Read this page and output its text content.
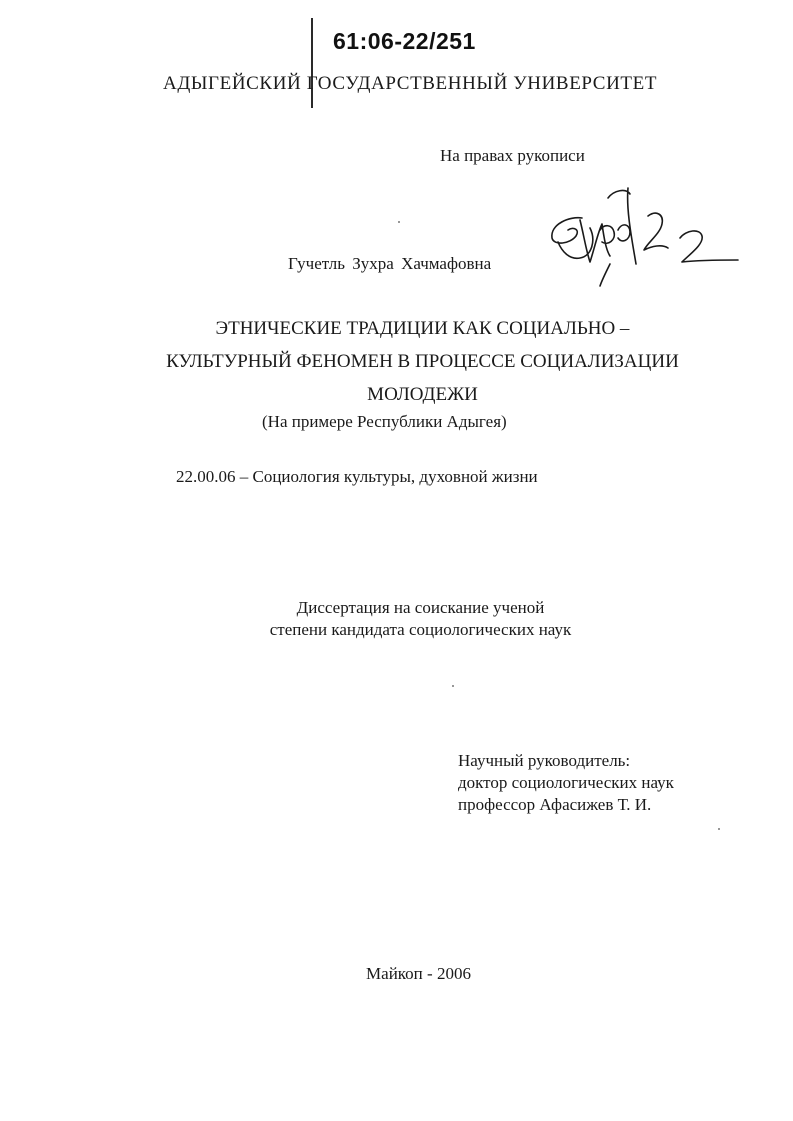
61:06-22/251
АДЫГЕЙСКИЙ ГОСУДАРСТВЕННЫЙ УНИВЕРСИТЕТ
На правах рукописи
Гучетль Зухра Хачмафовна
ЭТНИЧЕСКИЕ ТРАДИЦИИ КАК СОЦИАЛЬНО –
КУЛЬТУРНЫЙ ФЕНОМЕН В ПРОЦЕССЕ СОЦИАЛИЗАЦИИ
МОЛОДЕЖИ
(На примере Республики Адыгея)
22.00.06 – Социология культуры, духовной жизни
Диссертация на соискание ученой
степени кандидата социологических наук
Научный руководитель:
доктор социологических наук
профессор Афасижев Т. И.
Майкоп - 2006
